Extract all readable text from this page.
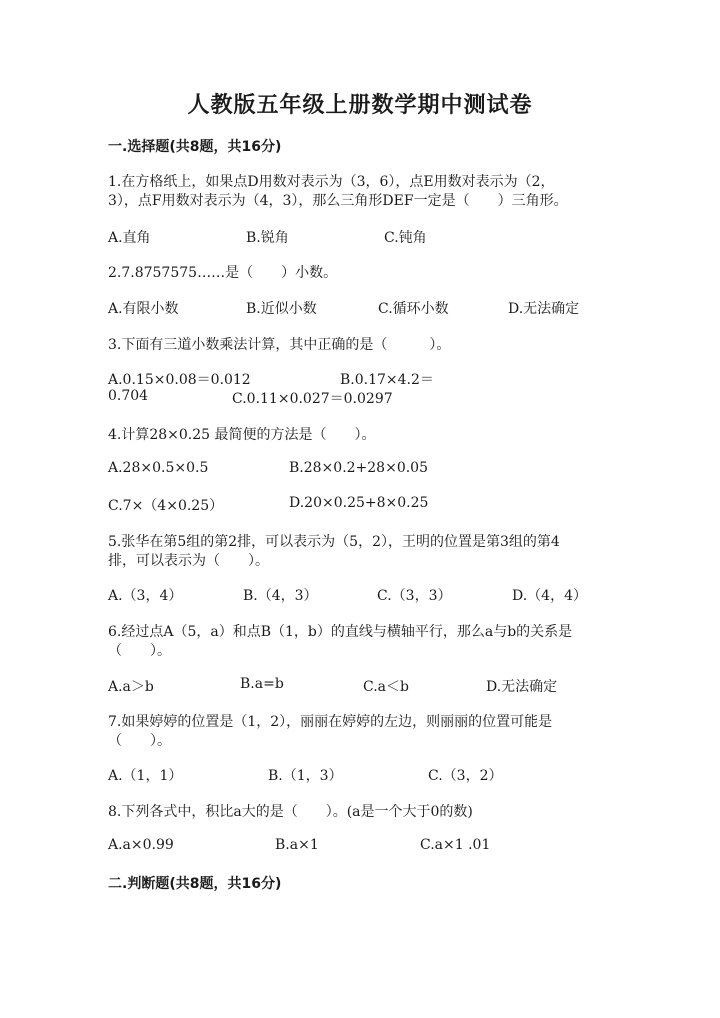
人教版五年级上册数学期中测试卷
一.选择题(共8题，共16分)
1.在方格纸上，如果点D用数对表示为（3，6），点E用数对表示为（2，
3），点F用数对表示为（4，3），那么三角形DEF一定是（　　）三角形。
A.直角	B.锐角	C.钝角
2.7.8757575……是（　　）小数。
A.有限小数	B.近似小数	C.循环小数	D.无法确定
3.下面有三道小数乘法计算，其中正确的是（　　　）。
A.0.15×0.08＝0.012	B.0.17×4.2＝
0.704	C.0.11×0.027＝0.0297
4.计算28×0.25 最简便的方法是（　　）。
A.28×0.5×0.5	B.28×0.2+28×0.05
C.7×（4×0.25）	D.20×0.25+8×0.25
5.张华在第5组的第2排，可以表示为（5，2），王明的位置是第3组的第4
排，可以表示为（　　）。
A.（3，4）	B.（4，3）	C.（3，3）	D.（4，4）
6.经过点A（5，a）和点B（1，b）的直线与横轴平行，那么a与b的关系是
（　　）。
A.a＞b	B.a=b	C.a＜b	D.无法确定
7.如果婷婷的位置是（1，2），丽丽在婷婷的左边，则丽丽的位置可能是
（　　）。
A.（1，1）	B.（1，3）	C.（3，2）
8.下列各式中，积比a大的是（　　）。(a是一个大于0的数)
A.a×0.99	B.a×1	C.a×1 .01
二.判断题(共8题，共16分)
